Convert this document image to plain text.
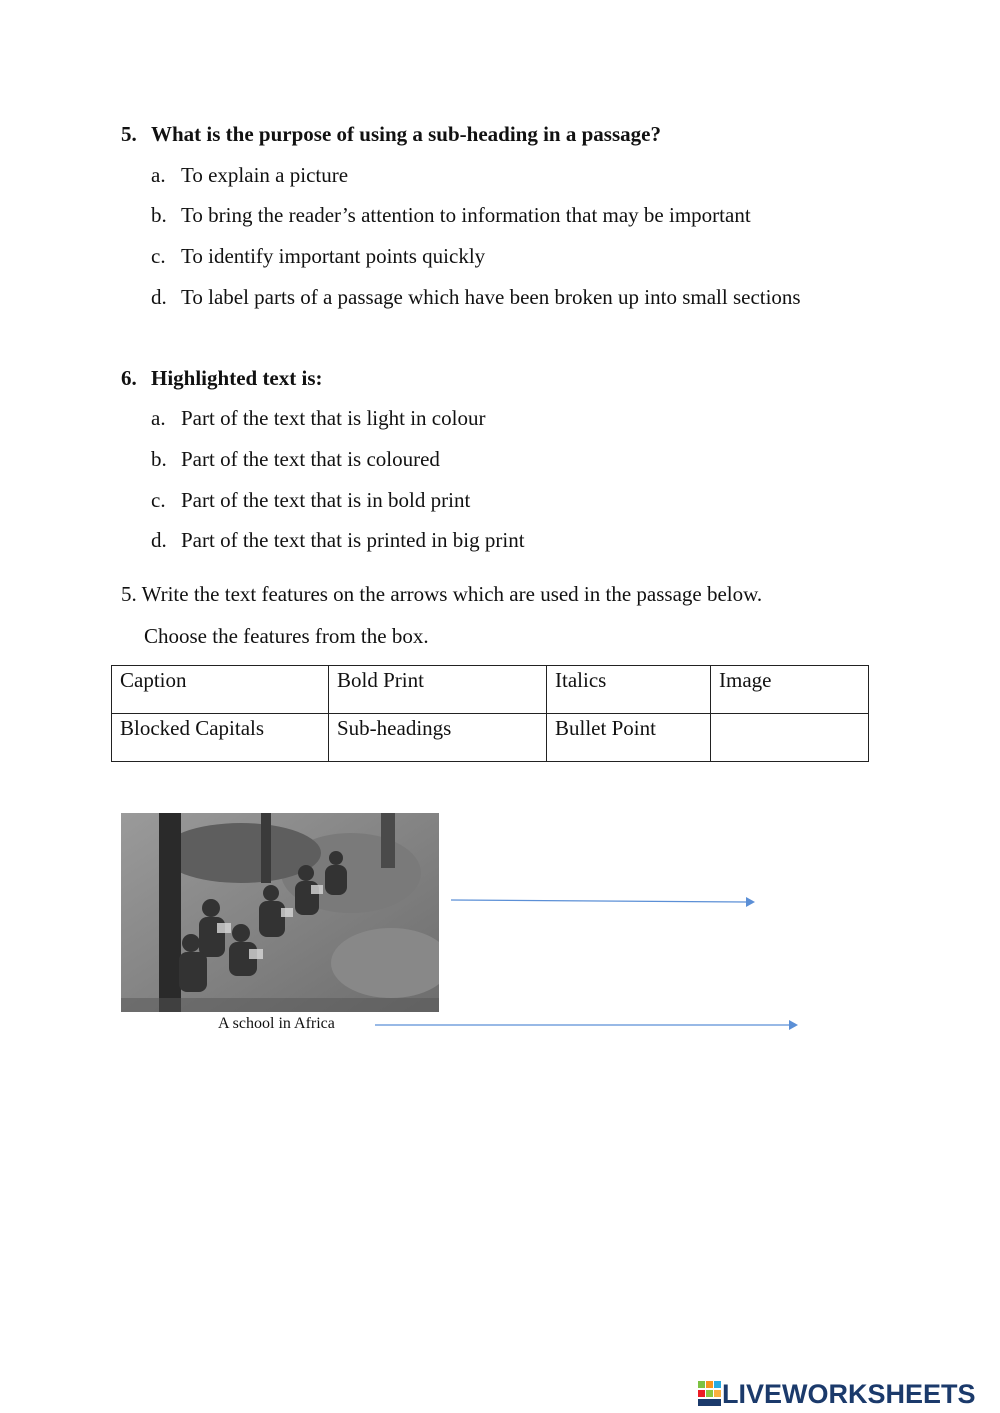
5. What is the purpose of using a sub-heading in a passage?
a. To explain a picture
b. To bring the reader’s attention to information that may be important
c. To identify important points quickly
d. To label parts of a passage which have been broken up into small sections
6. Highlighted text is:
a. Part of the text that is light in colour
b. Part of the text that is coloured
c. Part of the text that is in bold print
d. Part of the text that is printed in big print
5. Write the text features on the arrows which are used in the passage below.
Choose the features from the box.
Caption	Bold Print	Italics	Image
Blocked Capitals	Sub-headings	Bullet Point	
A school in Africa
LIVEWORKSHEETS
